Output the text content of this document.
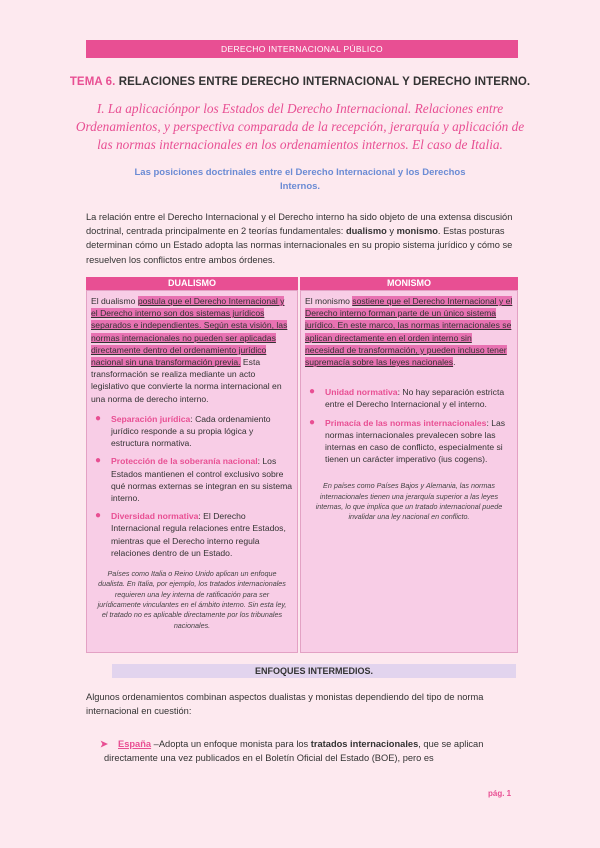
DERECHO INTERNACIONAL PÚBLICO
TEMA 6. RELACIONES ENTRE DERECHO INTERNACIONAL Y DERECHO INTERNO.
I. La aplicaciónpor los Estados del Derecho Internacional. Relaciones entre Ordenamientos, y perspectiva comparada de la recepción, jerarquía y aplicación de las normas internacionales en los ordenamientos internos. El caso de Italia.
Las posiciones doctrinales entre el Derecho Internacional y los Derechos Internos.
La relación entre el Derecho Internacional y el Derecho interno ha sido objeto de una extensa discusión doctrinal, centrada principalmente en 2 teorías fundamentales: dualismo y monismo. Estas posturas determinan cómo un Estado adopta las normas internacionales en su propio sistema jurídico y cómo se resuelven los conflictos entre ambos órdenes.
DUALISMO	MONISMO
El dualismo postula que el Derecho Internacional y el Derecho interno son dos sistemas jurídicos separados e independientes. Según esta visión, las normas internacionales no pueden ser aplicadas directamente dentro del ordenamiento jurídico nacional sin una transformación previa. Esta transformación se realiza mediante un acto legislativo que convierte la norma internacional en una norma de derecho interno.
● Separación jurídica: Cada ordenamiento jurídico responde a su propia lógica y estructura normativa.
● Protección de la soberanía nacional: Los Estados mantienen el control exclusivo sobre qué normas externas se integran en su sistema interno.
● Diversidad normativa: El Derecho Internacional regula relaciones entre Estados, mientras que el Derecho interno regula relaciones dentro de un Estado.
Países como Italia o Reino Unido aplican un enfoque dualista. En Italia, por ejemplo, los tratados internacionales requieren una ley interna de ratificación para ser jurídicamente vinculantes en el ámbito interno. Sin esta ley, el tratado no es aplicable directamente por los tribunales nacionales.
El monismo sostiene que el Derecho Internacional y el Derecho interno forman parte de un único sistema jurídico. En este marco, las normas internacionales se aplican directamente en el orden interno sin necesidad de transformación, y pueden incluso tener supremacía sobre las leyes nacionales.
● Unidad normativa: No hay separación estricta entre el Derecho Internacional y el interno.
● Primacía de las normas internacionales: Las normas internacionales prevalecen sobre las internas en caso de conflicto, especialmente si tienen un carácter imperativo (ius cogens).
En países como Países Bajos y Alemania, las normas internacionales tienen una jerarquía superior a las leyes internas, lo que implica que un tratado internacional puede invalidar una ley nacional en conflicto.
ENFOQUES INTERMEDIOS.
Algunos ordenamientos combinan aspectos dualistas y monistas dependiendo del tipo de norma internacional en cuestión:
➤ España –Adopta un enfoque monista para los tratados internacionales, que se aplican directamente una vez publicados en el Boletín Oficial del Estado (BOE), pero es
pág. 1
